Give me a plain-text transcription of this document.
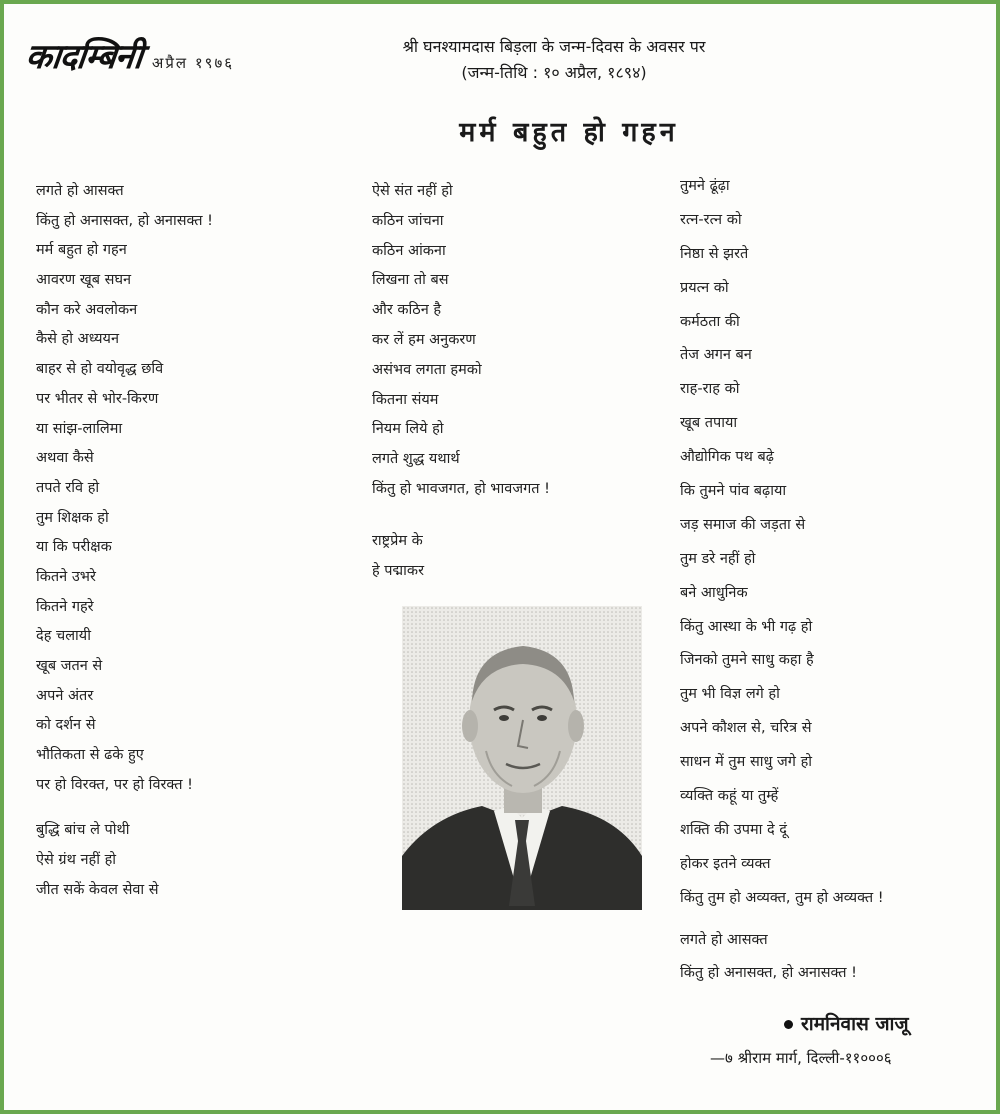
कादम्बिनी अप्रैल १९७६
श्री घनश्यामदास बिड़ला के जन्म-दिवस के अवसर पर
(जन्म-तिथि : १० अप्रैल, १८९४)
मर्म बहुत हो गहन
लगते हो आसक्त
किंतु हो अनासक्त, हो अनासक्त !
मर्म बहुत हो गहन
आवरण खूब सघन
कौन करे अवलोकन
कैसे हो अध्ययन
बाहर से हो वयोवृद्ध छवि
पर भीतर से भोर-किरण
या सांझ-लालिमा
अथवा कैसे
तपते रवि हो
तुम शिक्षक हो
या कि परीक्षक
कितने उभरे
कितने गहरे
देह चलायी
खूब जतन से
अपने अंतर
को दर्शन से
भौतिकता से ढके हुए
पर हो विरक्त, पर हो विरक्त !
बुद्धि बांच ले पोथी
ऐसे ग्रंथ नहीं हो
जीत सकें केवल सेवा से
ऐसे संत नहीं हो
कठिन जांचना
कठिन आंकना
लिखना तो बस
और कठिन है
कर लें हम अनुकरण
असंभव लगता हमको
कितना संयम
नियम लिये हो
लगते शुद्ध यथार्थ
किंतु हो भावजगत, हो भावजगत !
राष्ट्रप्रेम के
हे पद्माकर
तुमने ढूंढ़ा
रत्न-रत्न को
निष्ठा से झरते
प्रयत्न को
कर्मठता की
तेज अगन बन
राह-राह को
खूब तपाया
औद्योगिक पथ बढ़े
कि तुमने पांव बढ़ाया
जड़ समाज की जड़ता से
तुम डरे नहीं हो
बने आधुनिक
किंतु आस्था के भी गढ़ हो
जिनको तुमने साधु कहा है
तुम भी विज्ञ लगे हो
अपने कौशल से, चरित्र से
साधन में तुम साधु जगे हो
व्यक्ति कहूं या तुम्हें
शक्ति की उपमा दे दूं
होकर इतने व्यक्त
किंतु तुम हो अव्यक्त, तुम हो अव्यक्त !
लगते हो आसक्त
किंतु हो अनासक्त, हो अनासक्त !
रामनिवास जाजू
—७ श्रीराम मार्ग, दिल्ली-११०००६
